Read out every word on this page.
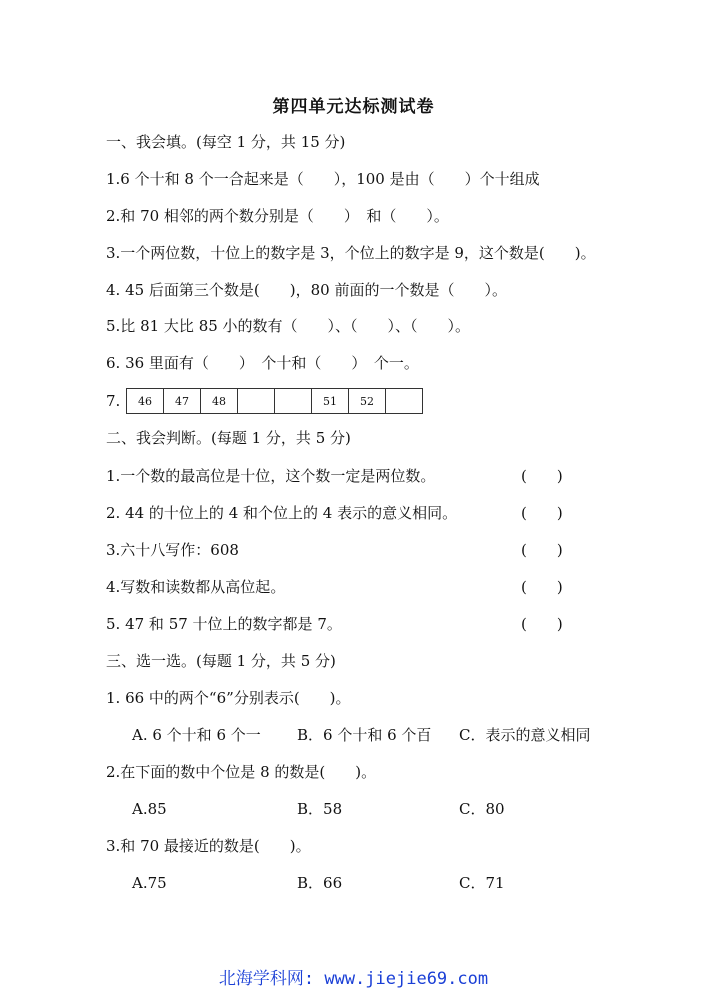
第四单元达标测试卷
一、我会填。(每空 1 分，共 15 分)
1.6 个十和 8 个一合起来是（　　），100 是由（　　）个十组成
2.和 70 相邻的两个数分别是（　　）　和（　　）。
3.一个两位数，十位上的数字是 3，个位上的数字是 9，这个数是(　　)。
4. 45 后面第三个数是(　　)，80 前面的一个数是（　　）。
5.比 81 大比 85 小的数有（　　）、（　　）、（　　）。
6. 36 里面有（　　）　个十和（　　）　个一。
7. 46	47	48			51	52	
二、我会判断。(每题 1 分，共 5 分)
1.一个数的最高位是十位，这个数一定是两位数。	(　　)
2. 44 的十位上的 4 和个位上的 4 表示的意义相同。	(　　)
3.六十八写作：608	(　　)
4.写数和读数都从高位起。	(　　)
5. 47 和 57 十位上的数字都是 7。	(　　)
三、选一选。(每题 1 分，共 5 分)
1. 66 中的两个“6”分别表示(　　)。
A. 6 个十和 6 个一 B．6 个十和 6 个百 C．表示的意义相同
2.在下面的数中个位是 8 的数是(　　)。
A.85	B．58	C．80
3.和 70 最接近的数是(　　)。
A.75	B．66	C．71
北海学科网: www.jiejie69.com
